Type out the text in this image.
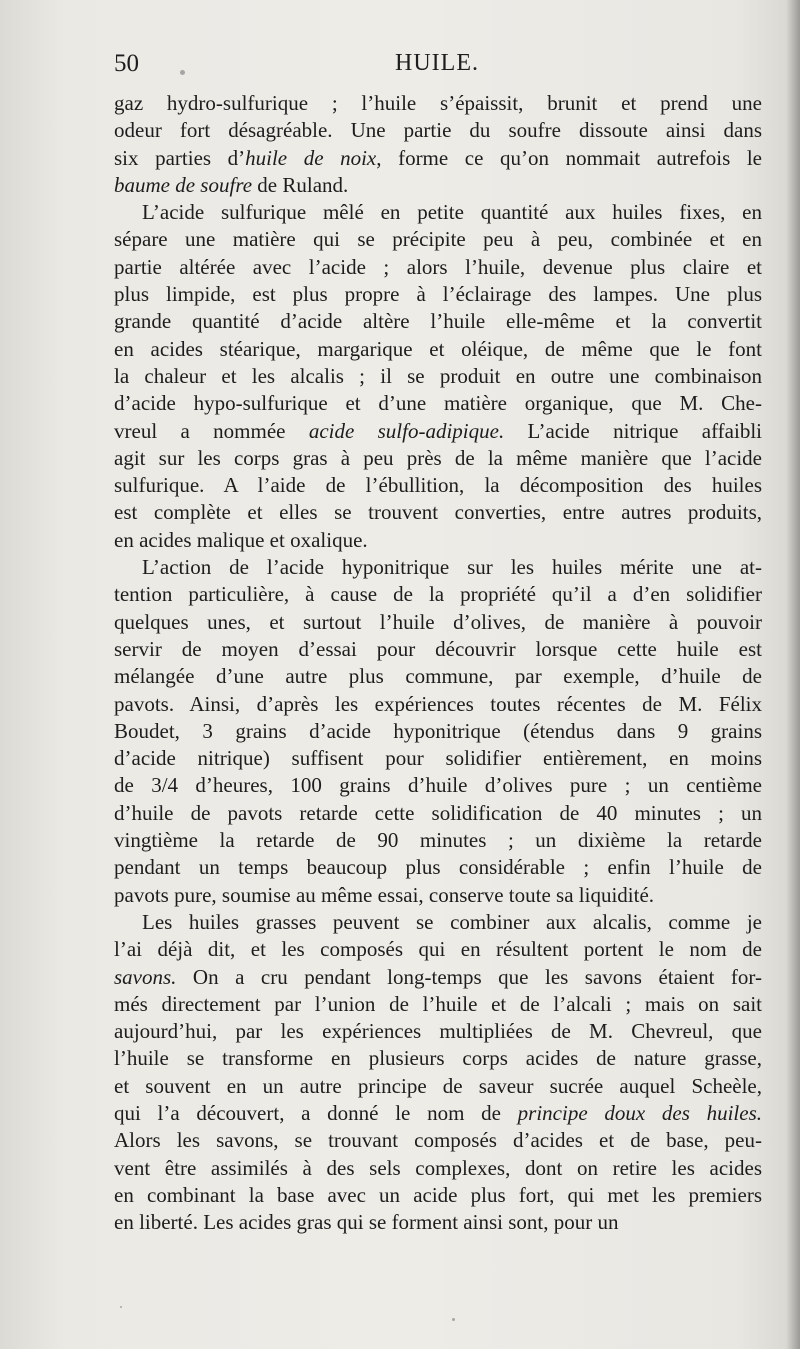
50	HUILE.
gaz hydro-sulfurique ; l’huile s’épaissit, brunit et prend une
odeur fort désagréable. Une partie du soufre dissoute ainsi dans
six parties d’huile de noix, forme ce qu’on nommait autrefois le
baume de soufre de Ruland.
L’acide sulfurique mêlé en petite quantité aux huiles fixes, en
sépare une matière qui se précipite peu à peu, combinée et en
partie altérée avec l’acide ; alors l’huile, devenue plus claire et
plus limpide, est plus propre à l’éclairage des lampes. Une plus
grande quantité d’acide altère l’huile elle-même et la convertit
en acides stéarique, margarique et oléique, de même que le font
la chaleur et les alcalis ; il se produit en outre une combinaison
d’acide hypo-sulfurique et d’une matière organique, que M. Che-
vreul a nommée acide sulfo-adipique. L’acide nitrique affaibli
agit sur les corps gras à peu près de la même manière que l’acide
sulfurique. A l’aide de l’ébullition, la décomposition des huiles
est complète et elles se trouvent converties, entre autres produits,
en acides malique et oxalique.
L’action de l’acide hyponitrique sur les huiles mérite une at-
tention particulière, à cause de la propriété qu’il a d’en solidifier
quelques unes, et surtout l’huile d’olives, de manière à pouvoir
servir de moyen d’essai pour découvrir lorsque cette huile est
mélangée d’une autre plus commune, par exemple, d’huile de
pavots. Ainsi, d’après les expériences toutes récentes de M. Félix
Boudet, 3 grains d’acide hyponitrique (étendus dans 9 grains
d’acide nitrique) suffisent pour solidifier entièrement, en moins
de 3/4 d’heures, 100 grains d’huile d’olives pure ; un centième
d’huile de pavots retarde cette solidification de 40 minutes ; un
vingtième la retarde de 90 minutes ; un dixième la retarde
pendant un temps beaucoup plus considérable ; enfin l’huile de
pavots pure, soumise au même essai, conserve toute sa liquidité.
Les huiles grasses peuvent se combiner aux alcalis, comme je
l’ai déjà dit, et les composés qui en résultent portent le nom de
savons. On a cru pendant long-temps que les savons étaient for-
més directement par l’union de l’huile et de l’alcali ; mais on sait
aujourd’hui, par les expériences multipliées de M. Chevreul, que
l’huile se transforme en plusieurs corps acides de nature grasse,
et souvent en un autre principe de saveur sucrée auquel Scheèle,
qui l’a découvert, a donné le nom de principe doux des huiles.
Alors les savons, se trouvant composés d’acides et de base, peu-
vent être assimilés à des sels complexes, dont on retire les acides
en combinant la base avec un acide plus fort, qui met les premiers
en liberté. Les acides gras qui se forment ainsi sont, pour un
